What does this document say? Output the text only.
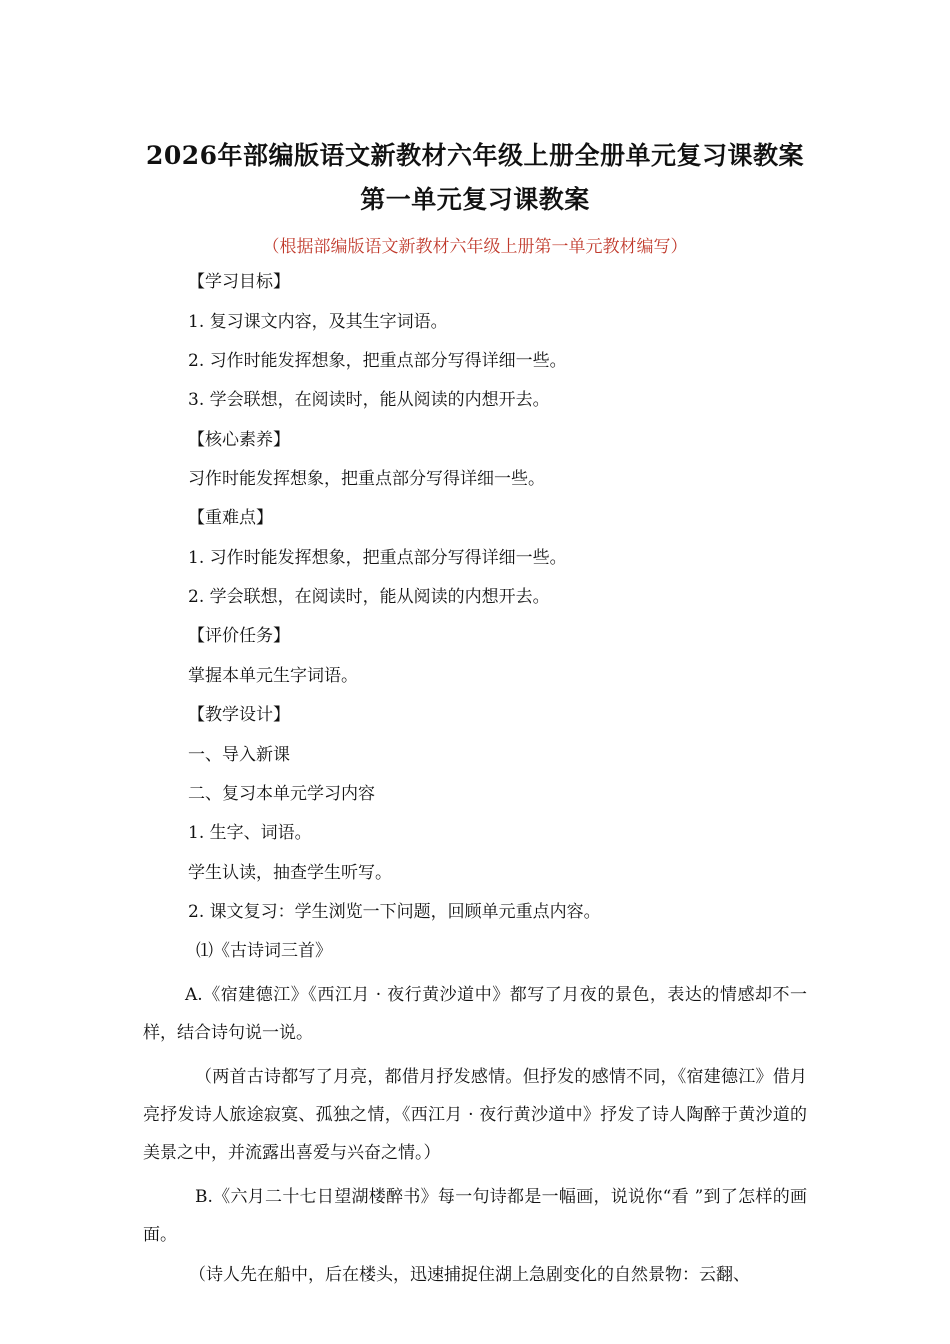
2026年部编版语文新教材六年级上册全册单元复习课教案
第一单元复习课教案
（根据部编版语文新教材六年级上册第一单元教材编写）
【学习目标】
1. 复习课文内容，及其生字词语。
2. 习作时能发挥想象，把重点部分写得详细一些。
3. 学会联想，在阅读时，能从阅读的内想开去。
【核心素养】
习作时能发挥想象，把重点部分写得详细一些。
【重难点】
1. 习作时能发挥想象，把重点部分写得详细一些。
2. 学会联想，在阅读时，能从阅读的内想开去。
【评价任务】
掌握本单元生字词语。
【教学设计】
一、导入新课
二、复习本单元学习内容
1. 生字、词语。
学生认读，抽查学生听写。
2. 课文复习：学生浏览一下问题，回顾单元重点内容。
⑴《古诗词三首》
A.《宿建德江》《西江月 · 夜行黄沙道中》都写了月夜的景色，表达的情感却不一样，结合诗句说一说。
（两首古诗都写了月亮，都借月抒发感情。但抒发的感情不同，《宿建德江》借月亮抒发诗人旅途寂寞、孤独之情，《西江月 · 夜行黄沙道中》抒发了诗人陶醉于黄沙道的美景之中，并流露出喜爱与兴奋之情。）
B.《六月二十七日望湖楼醉书》每一句诗都是一幅画，说说你“看 ”到了怎样的画面。
（诗人先在船中，后在楼头，迅速捕捉住湖上急剧变化的自然景物：云翻、
